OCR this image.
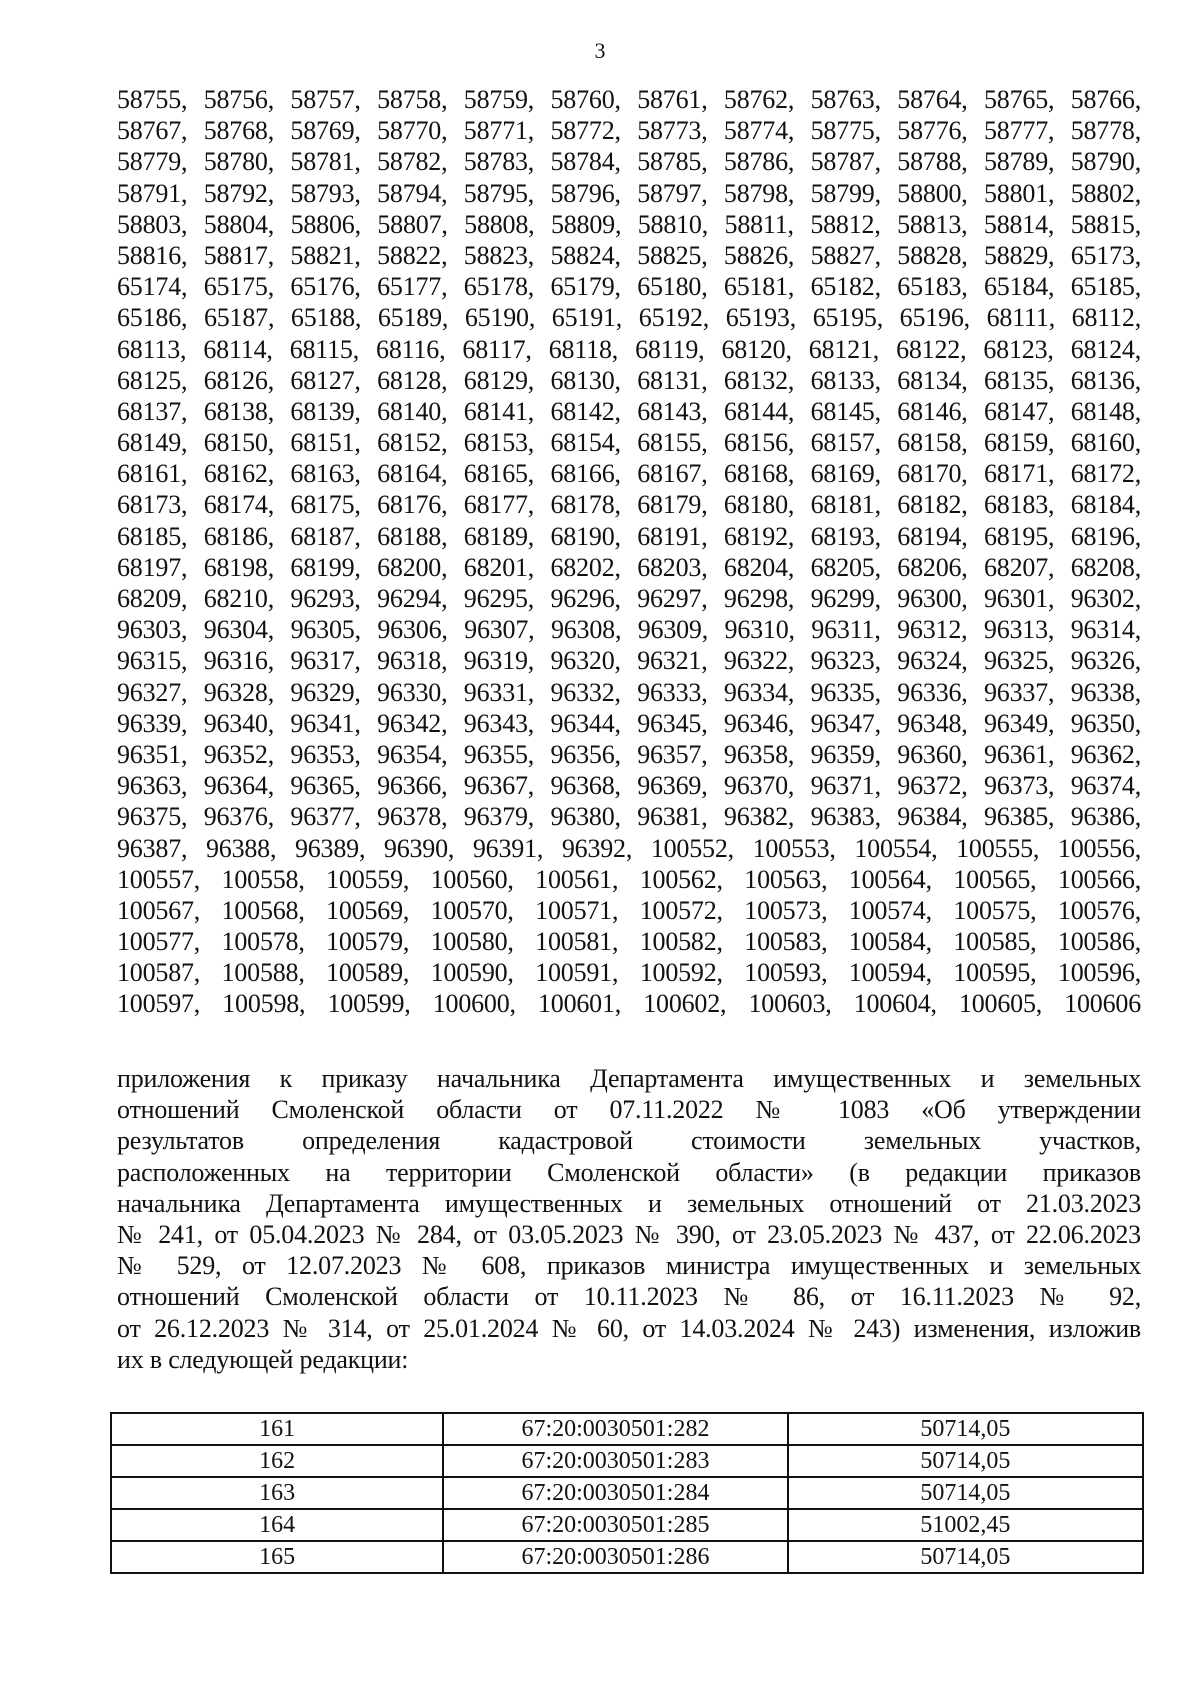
3
58755, 58756, 58757, 58758, 58759, 58760, 58761, 58762, 58763, 58764, 58765, 58766,
58767, 58768, 58769, 58770, 58771, 58772, 58773, 58774, 58775, 58776, 58777, 58778,
58779, 58780, 58781, 58782, 58783, 58784, 58785, 58786, 58787, 58788, 58789, 58790,
58791, 58792, 58793, 58794, 58795, 58796, 58797, 58798, 58799, 58800, 58801, 58802,
58803, 58804, 58806, 58807, 58808, 58809, 58810, 58811, 58812, 58813, 58814, 58815,
58816, 58817, 58821, 58822, 58823, 58824, 58825, 58826, 58827, 58828, 58829, 65173,
65174, 65175, 65176, 65177, 65178, 65179, 65180, 65181, 65182, 65183, 65184, 65185,
65186, 65187, 65188, 65189, 65190, 65191, 65192, 65193, 65195, 65196, 68111, 68112,
68113, 68114, 68115, 68116, 68117, 68118, 68119, 68120, 68121, 68122, 68123, 68124,
68125, 68126, 68127, 68128, 68129, 68130, 68131, 68132, 68133, 68134, 68135, 68136,
68137, 68138, 68139, 68140, 68141, 68142, 68143, 68144, 68145, 68146, 68147, 68148,
68149, 68150, 68151, 68152, 68153, 68154, 68155, 68156, 68157, 68158, 68159, 68160,
68161, 68162, 68163, 68164, 68165, 68166, 68167, 68168, 68169, 68170, 68171, 68172,
68173, 68174, 68175, 68176, 68177, 68178, 68179, 68180, 68181, 68182, 68183, 68184,
68185, 68186, 68187, 68188, 68189, 68190, 68191, 68192, 68193, 68194, 68195, 68196,
68197, 68198, 68199, 68200, 68201, 68202, 68203, 68204, 68205, 68206, 68207, 68208,
68209, 68210, 96293, 96294, 96295, 96296, 96297, 96298, 96299, 96300, 96301, 96302,
96303, 96304, 96305, 96306, 96307, 96308, 96309, 96310, 96311, 96312, 96313, 96314,
96315, 96316, 96317, 96318, 96319, 96320, 96321, 96322, 96323, 96324, 96325, 96326,
96327, 96328, 96329, 96330, 96331, 96332, 96333, 96334, 96335, 96336, 96337, 96338,
96339, 96340, 96341, 96342, 96343, 96344, 96345, 96346, 96347, 96348, 96349, 96350,
96351, 96352, 96353, 96354, 96355, 96356, 96357, 96358, 96359, 96360, 96361, 96362,
96363, 96364, 96365, 96366, 96367, 96368, 96369, 96370, 96371, 96372, 96373, 96374,
96375, 96376, 96377, 96378, 96379, 96380, 96381, 96382, 96383, 96384, 96385, 96386,
96387, 96388, 96389, 96390, 96391, 96392, 100552, 100553, 100554, 100555, 100556,
100557, 100558, 100559, 100560, 100561, 100562, 100563, 100564, 100565, 100566,
100567, 100568, 100569, 100570, 100571, 100572, 100573, 100574, 100575, 100576,
100577, 100578, 100579, 100580, 100581, 100582, 100583, 100584, 100585, 100586,
100587, 100588, 100589, 100590, 100591, 100592, 100593, 100594, 100595, 100596,
100597, 100598, 100599, 100600, 100601, 100602, 100603, 100604, 100605, 100606
приложения к приказу начальника Департамента имущественных и земельных
отношений Смоленской области от 07.11.2022 № 1083 «Об утверждении
результатов определения кадастровой стоимости земельных участков,
расположенных на территории Смоленской области» (в редакции приказов
начальника Департамента имущественных и земельных отношений от 21.03.2023
№ 241, от 05.04.2023 № 284, от 03.05.2023 № 390, от 23.05.2023 № 437, от 22.06.2023
№ 529, от 12.07.2023 № 608, приказов министра имущественных и земельных
отношений Смоленской области от 10.11.2023 № 86, от 16.11.2023 № 92,
от 26.12.2023 № 314, от 25.01.2024 № 60, от 14.03.2024 № 243) изменения, изложив
их в следующей редакции:
161	67:20:0030501:282	50714,05
162	67:20:0030501:283	50714,05
163	67:20:0030501:284	50714,05
164	67:20:0030501:285	51002,45
165	67:20:0030501:286	50714,05
